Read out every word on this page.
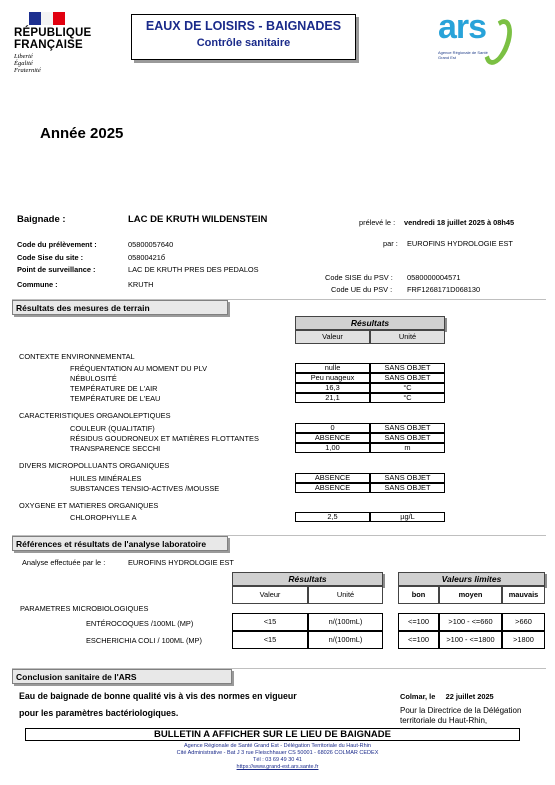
RÉPUBLIQUE
FRANÇAISE
Liberté
Égalité
Fraternité
EAUX DE LOISIRS - BAIGNADES
Contrôle sanitaire	ars
Agence Régionale de Santé
Grand Est
Année 2025
Baignade :	LAC DE KRUTH WILDENSTEIN	prélevé le : vendredi 18 juillet 2025 à 08h45
par : EUROFINS HYDROLOGIE EST
Code du prélèvement :	05800057640
Code Sise du site :	05800421б
Point de surveillance :	LAC DE KRUTH PRES DES PEDALOS
Commune :	KRUTH
Code SISE du PSV : 0580000004571
Code UE du PSV : FRF1268171D068130
Résultats des mesures de terrain
Résultats
Valeur	Unité
CONTEXTE ENVIRONNEMENTAL
FRÉQUENTATION AU MOMENT DU PLV	nulle	SANS OBJET
NÉBULOSITÉ	Peu nuageux	SANS OBJET
TEMPÉRATURE DE L'AIR	16,3	°C
TEMPÉRATURE DE L'EAU	21,1	°C
CARACTERISTIQUES ORGANOLEPTIQUES
COULEUR (QUALITATIF)	0	SANS OBJET
RÉSIDUS GOUDRONEUX ET MATIÈRES FLOTTANTES	ABSENCE	SANS OBJET
TRANSPARENCE SECCHI	1,00	m
DIVERS MICROPOLLUANTS ORGANIQUES
HUILES MINÉRALES	ABSENCE	SANS OBJET
SUBSTANCES TENSIO-ACTIVES /MOUSSE	ABSENCE	SANS OBJET
OXYGENE ET MATIERES ORGANIQUES
CHLOROPHYLLE A	2,5	µg/L
Références et résultats de l'analyse laboratoire
Analyse effectuée par le :	EUROFINS HYDROLOGIE EST
Résultats
Valeur	Unité
Valeurs limites
bon	moyen	mauvais
PARAMETRES MICROBIOLOGIQUES
ENTÉROCOQUES /100ML (MP)	<15	n/(100mL)	<=100	>100 - <=660	>660
ESCHERICHIA COLI / 100ML (MP)	<15	n/(100mL)	<=100	>100 - <=1800	>1800
Conclusion sanitaire de l'ARS
Eau de baignade de bonne qualité vis à vis des normes en vigueur
pour les paramètres bactériologiques.
Colmar, le     22 juillet 2025
Pour la Directrice de la Délégation
territoriale du Haut-Rhin,
BULLETIN A AFFICHER SUR LE LIEU DE BAIGNADE
Agence Régionale de Santé Grand Est - Délégation Territoriale du Haut-Rhin
Cité Administrative - Bat J 3 rue Fleischhauer CS 50001 - 68026 COLMAR CEDEX
Tél : 03 69 49 30 41
https://www.grand-est.ars.sante.fr
